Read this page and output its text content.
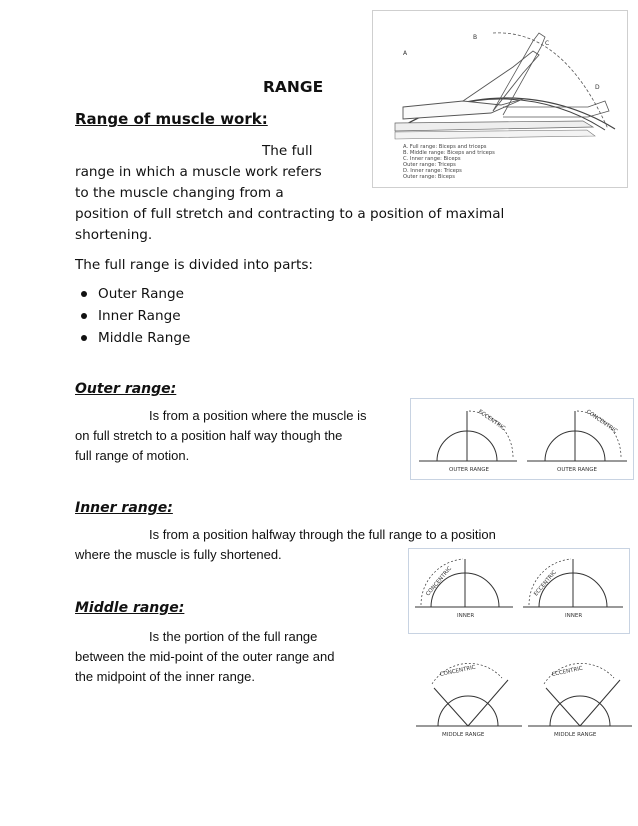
RANGE
Range of muscle work:
The full
range in which a muscle work refers
to the muscle changing from a
position of full stretch and contracting to a position of maximal
shortening.
The full range is divided into parts:
Outer Range
Inner Range
Middle Range
A
B
C
D
A. Full range: Biceps and triceps
B. Middle range: Biceps and triceps
C. Inner range: Biceps
Outer range: Triceps
D. Inner range: Triceps
Outer range: Biceps
Outer range:
Is from a position where the muscle is
on full stretch to a position half way though the
full range of motion.
ECCENTRIC
OUTER RANGE
CONCENTRIC
OUTER RANGE
Inner range:
Is from a position halfway through the full range to a position
where the muscle is fully shortened.
CONCENTRIC
INNER
ECCENTRIC
INNER
Middle range:
Is the portion of the full range
between the mid-point of the outer range and
the midpoint of the inner range.	CONCENTRIC
MIDDLE RANGE
ECCENTRIC
MIDDLE RANGE
